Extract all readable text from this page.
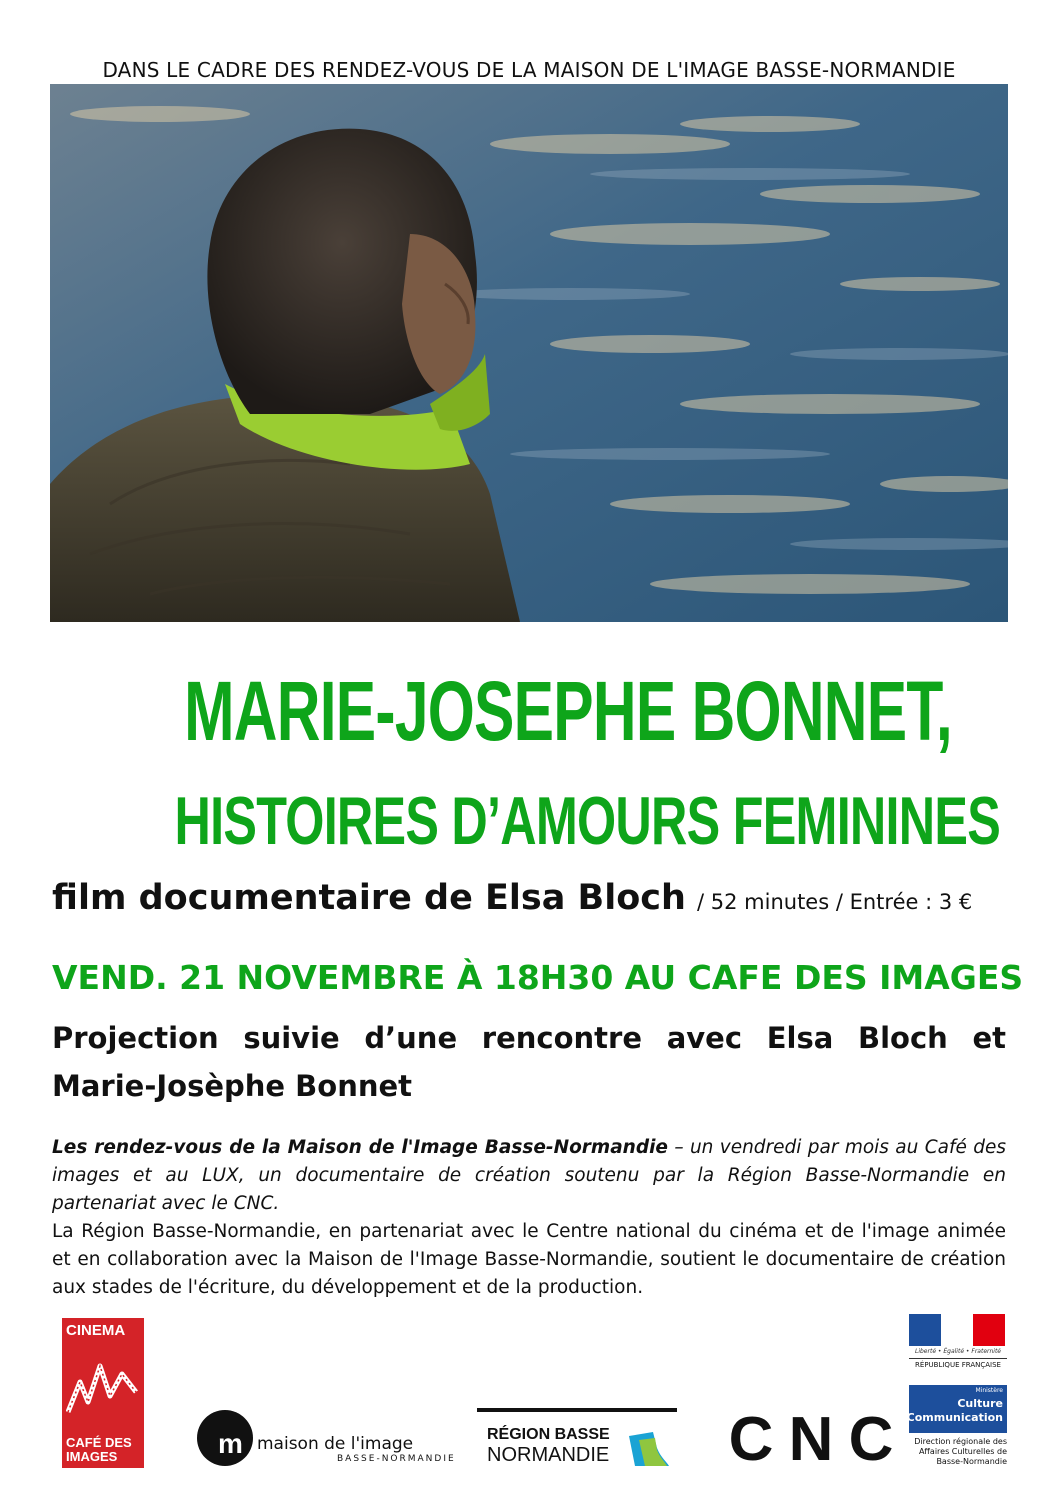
DANS LE CADRE DES RENDEZ-VOUS DE LA MAISON DE L'IMAGE BASSE-NORMANDIE
MARIE-JOSEPHE BONNET,
HISTOIRES D’AMOURS FEMININES
film documentaire de Elsa Bloch / 52 minutes / Entrée : 3 €
VEND. 21 NOVEMBRE À 18H30 AU CAFE DES IMAGES
Projection suivie d’une rencontre avec Elsa Bloch et Marie-Josèphe Bonnet
Les rendez-vous de la Maison de l'Image Basse-Normandie – un vendredi par mois au Café des images et au LUX, un documentaire de création soutenu par la Région Basse-Normandie en partenariat avec le CNC.
La Région Basse-Normandie, en partenariat avec le Centre national du cinéma et de l'image animée et en collaboration avec la Maison de l'Image Basse-Normandie, soutient le documentaire de création aux stades de l'écriture, du développement et de la production.
CINEMA
CAFÉ DES IMAGES	m maison de l'image
BASSE-NORMANDIE
RÉGION BASSE
NORMANDIE C N C
Liberté • Égalité • Fraternité
RÉPUBLIQUE FRANÇAISE
Ministère
Culture
Communication
Direction régionale des Affaires Culturelles de Basse-Normandie
